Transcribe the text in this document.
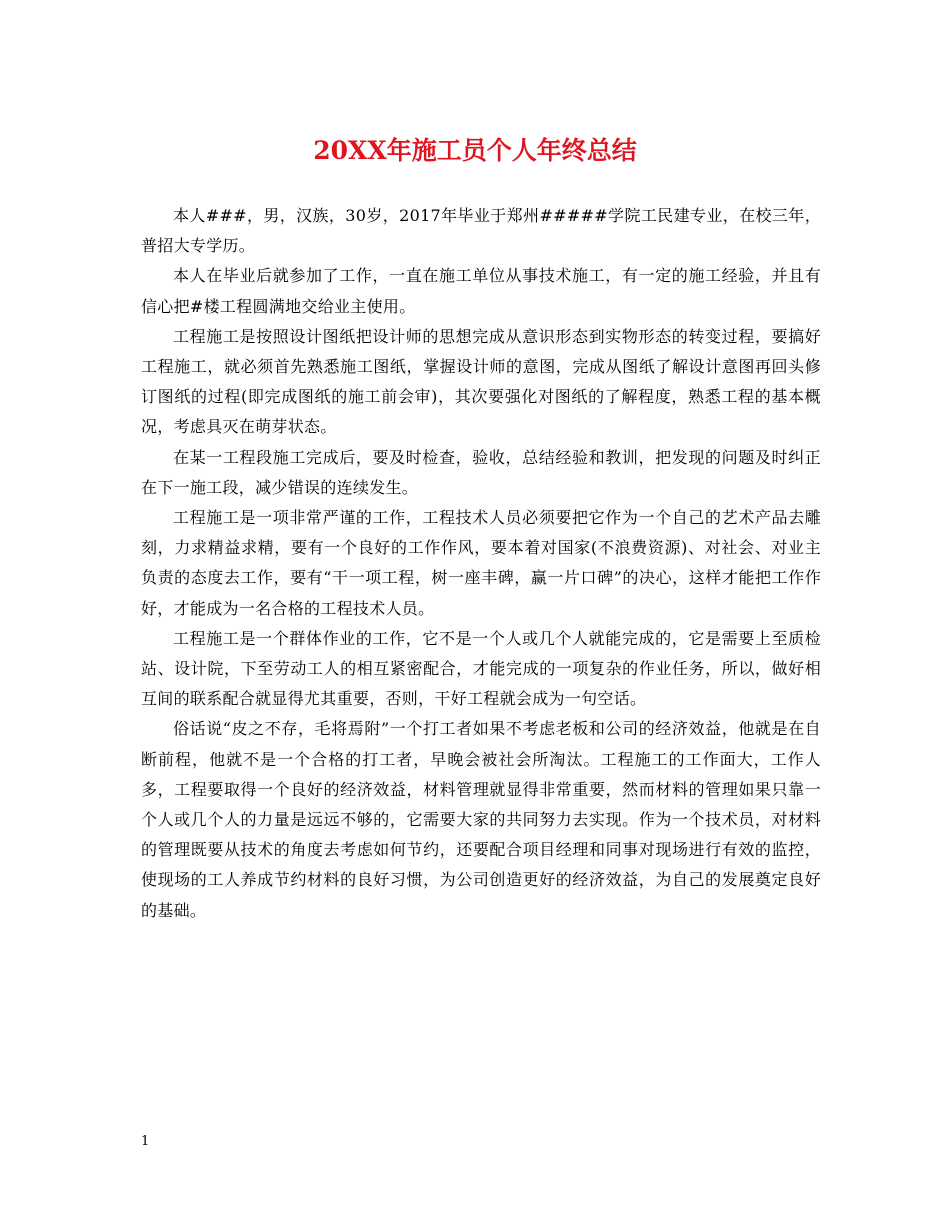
20XX年施工员个人年终总结

本人###，男，汉族，30岁，2017年毕业于郑州#####学院工民建专业，在校三年，普招大专学历。

本人在毕业后就参加了工作，一直在施工单位从事技术施工，有一定的施工经验，并且有信心把#楼工程圆满地交给业主使用。

工程施工是按照设计图纸把设计师的思想完成从意识形态到实物形态的转变过程，要搞好工程施工，就必须首先熟悉施工图纸，掌握设计师的意图，完成从图纸了解设计意图再回头修订图纸的过程(即完成图纸的施工前会审)，其次要强化对图纸的了解程度，熟悉工程的基本概况，考虑具灭在萌芽状态。

在某一工程段施工完成后，要及时检查，验收，总结经验和教训，把发现的问题及时纠正在下一施工段，减少错误的连续发生。

工程施工是一项非常严谨的工作，工程技术人员必须要把它作为一个自己的艺术产品去雕刻，力求精益求精，要有一个良好的工作作风，要本着对国家(不浪费资源)、对社会、对业主负责的态度去工作，要有“干一项工程，树一座丰碑，赢一片口碑”的决心，这样才能把工作作好，才能成为一名合格的工程技术人员。

工程施工是一个群体作业的工作，它不是一个人或几个人就能完成的，它是需要上至质检站、设计院，下至劳动工人的相互紧密配合，才能完成的一项复杂的作业任务，所以，做好相互间的联系配合就显得尤其重要，否则，干好工程就会成为一句空话。

俗话说“皮之不存，毛将焉附”一个打工者如果不考虑老板和公司的经济效益，他就是在自断前程，他就不是一个合格的打工者，早晚会被社会所淘汰。工程施工的工作面大，工作人多，工程要取得一个良好的经济效益，材料管理就显得非常重要，然而材料的管理如果只靠一个人或几个人的力量是远远不够的，它需要大家的共同努力去实现。作为一个技术员，对材料的管理既要从技术的角度去考虑如何节约，还要配合项目经理和同事对现场进行有效的监控，使现场的工人养成节约材料的良好习惯，为公司创造更好的经济效益，为自己的发展奠定良好的基础。

1
